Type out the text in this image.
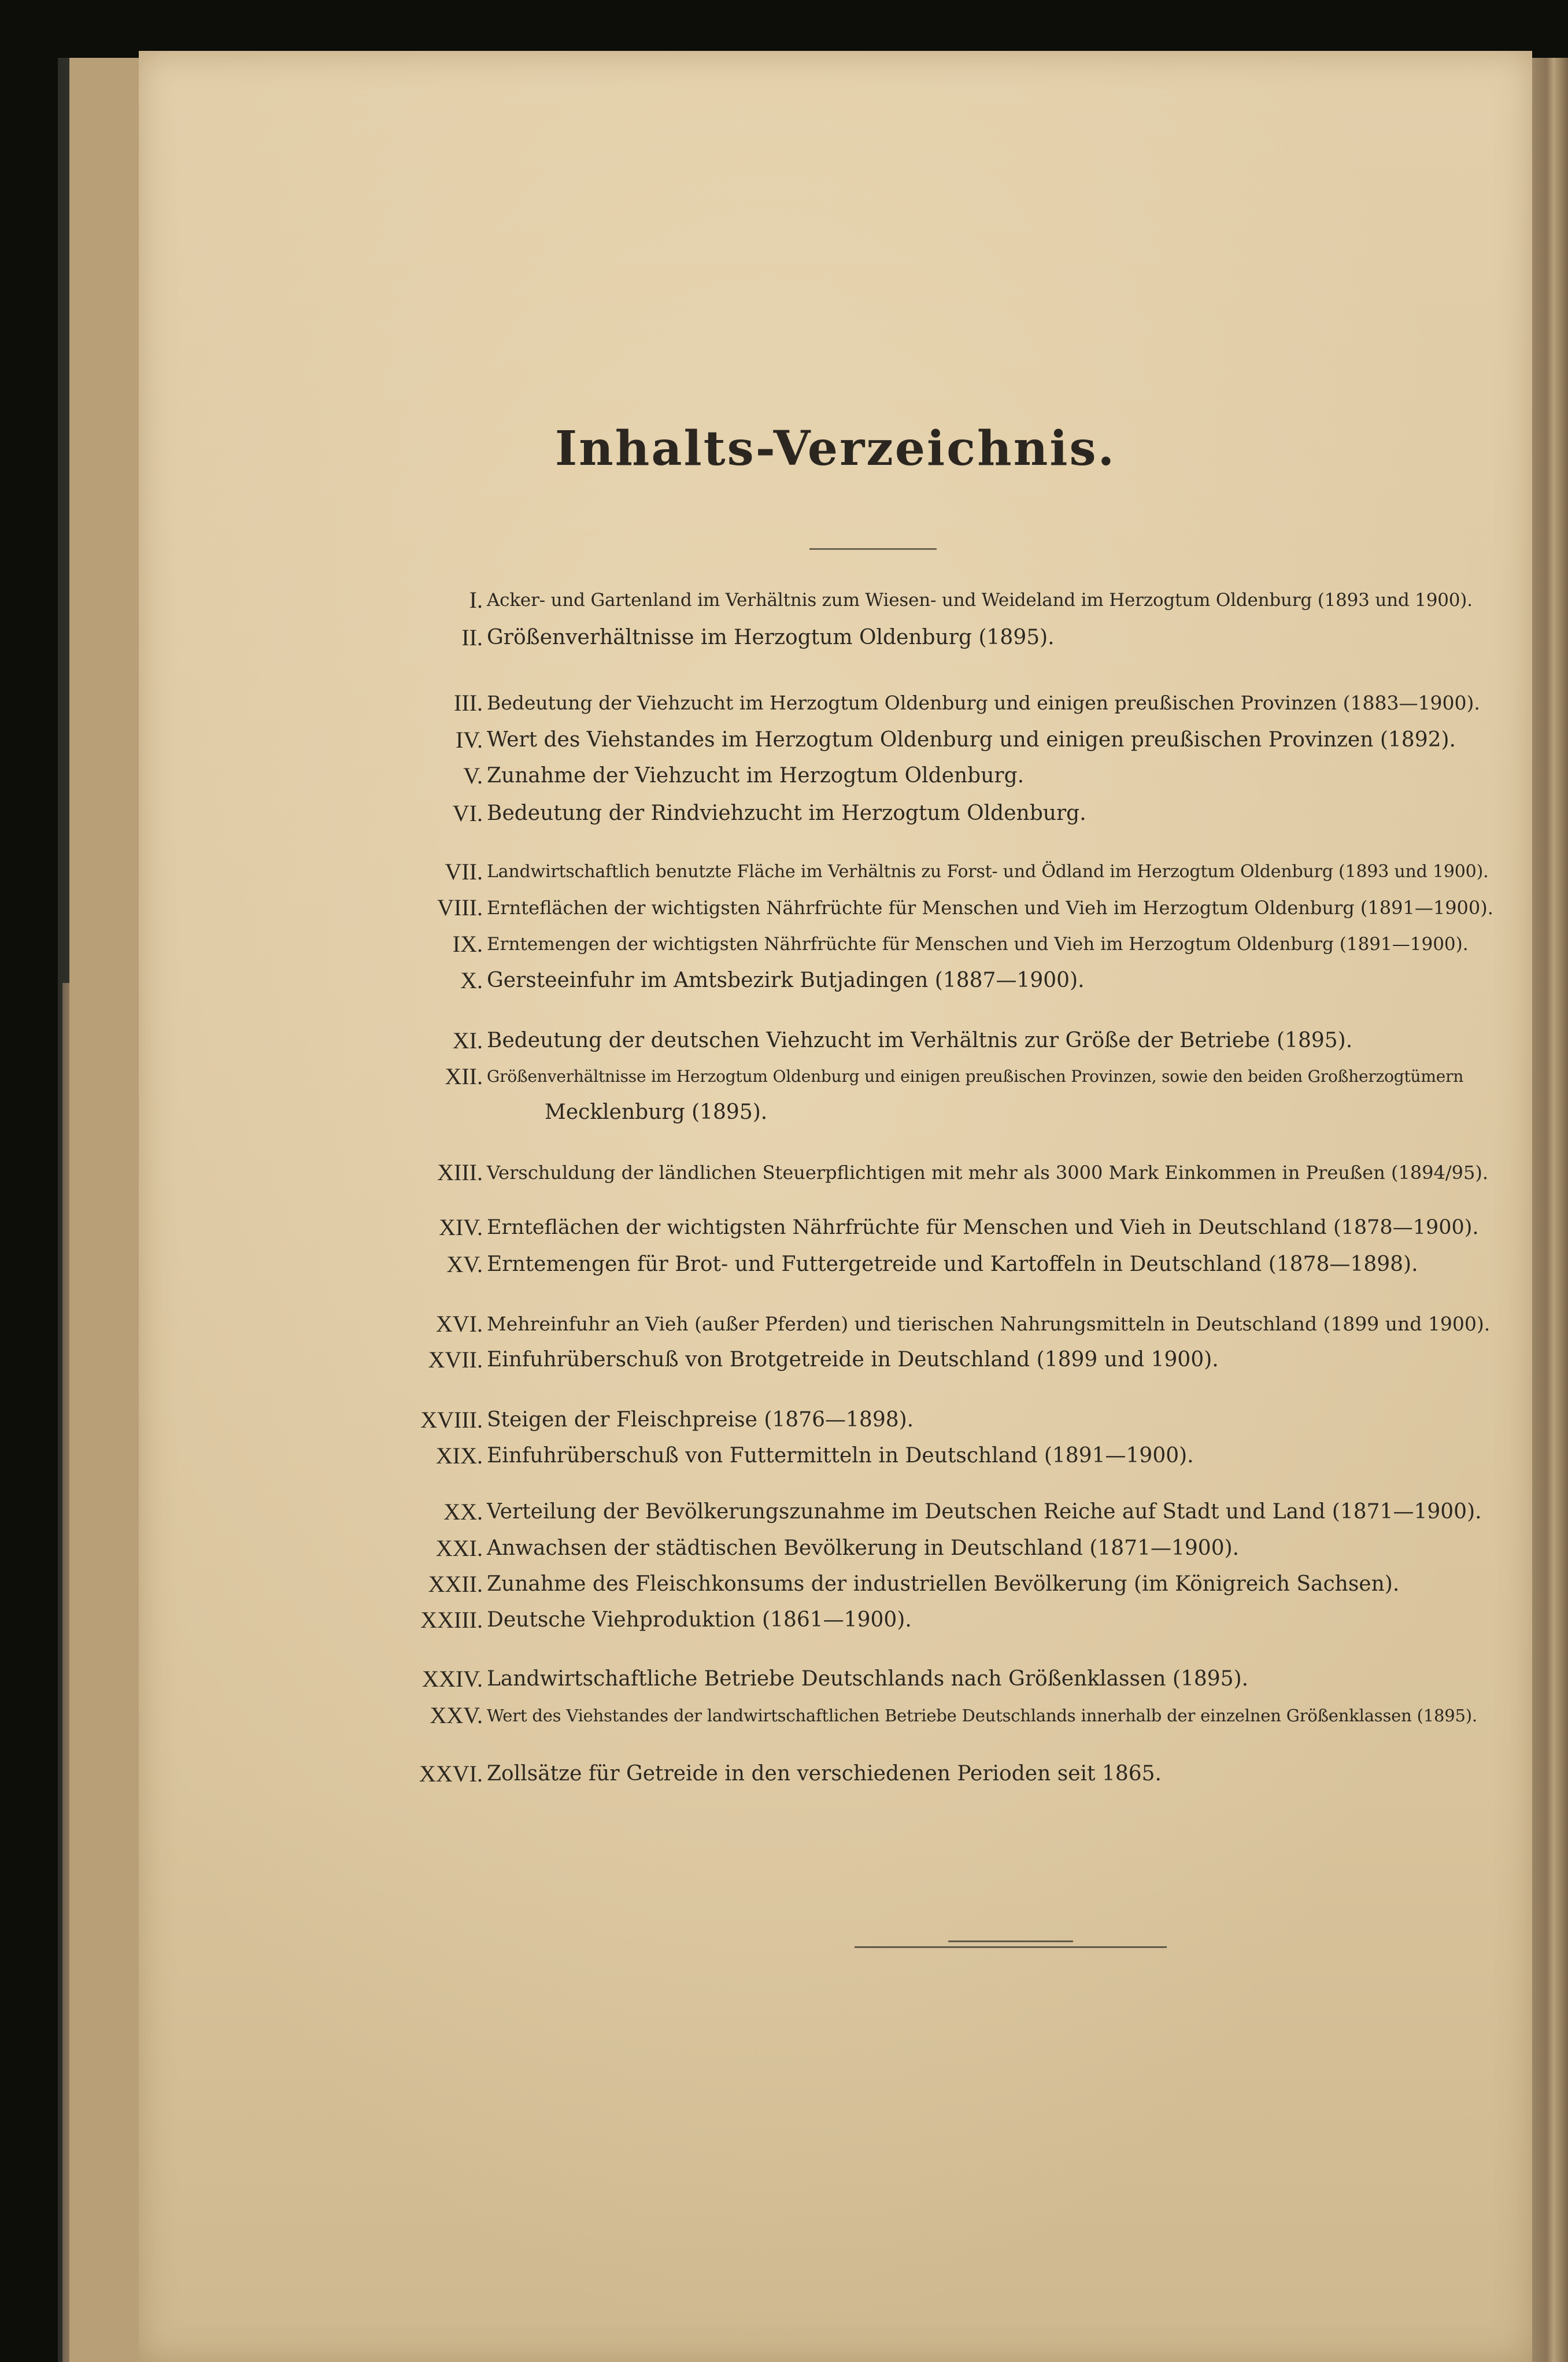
Inhalts-Verzeichnis.
I. Acker- und Gartenland im Verhältnis zum Wiesen- und Weideland im Herzogtum Oldenburg (1893 und 1900).
II. Größenverhältnisse im Herzogtum Oldenburg (1895).
III. Bedeutung der Viehzucht im Herzogtum Oldenburg und einigen preußischen Provinzen (1883—1900).
IV. Wert des Viehstandes im Herzogtum Oldenburg und einigen preußischen Provinzen (1892).
V. Zunahme der Viehzucht im Herzogtum Oldenburg.
VI. Bedeutung der Rindviehzucht im Herzogtum Oldenburg.
VII. Landwirtschaftlich benutzte Fläche im Verhältnis zu Forst- und Ödland im Herzogtum Oldenburg (1893 und 1900).
VIII. Ernteflächen der wichtigsten Nährfrüchte für Menschen und Vieh im Herzogtum Oldenburg (1891—1900).
IX. Erntemengen der wichtigsten Nährfrüchte für Menschen und Vieh im Herzogtum Oldenburg (1891—1900).
X. Gersteeinfuhr im Amtsbezirk Butjadingen (1887—1900).
XI. Bedeutung der deutschen Viehzucht im Verhältnis zur Größe der Betriebe (1895).
XII. Größenverhältnisse im Herzogtum Oldenburg und einigen preußischen Provinzen, sowie den beiden Großherzogtümern
Mecklenburg (1895).
XIII. Verschuldung der ländlichen Steuerpflichtigen mit mehr als 3000 Mark Einkommen in Preußen (1894/95).
XIV. Ernteflächen der wichtigsten Nährfrüchte für Menschen und Vieh in Deutschland (1878—1900).
XV. Erntemengen für Brot- und Futtergetreide und Kartoffeln in Deutschland (1878—1898).
XVI. Mehreinfuhr an Vieh (außer Pferden) und tierischen Nahrungsmitteln in Deutschland (1899 und 1900).
XVII. Einfuhrüberschuß von Brotgetreide in Deutschland (1899 und 1900).
XVIII. Steigen der Fleischpreise (1876—1898).
XIX. Einfuhrüberschuß von Futtermitteln in Deutschland (1891—1900).
XX. Verteilung der Bevölkerungszunahme im Deutschen Reiche auf Stadt und Land (1871—1900).
XXI. Anwachsen der städtischen Bevölkerung in Deutschland (1871—1900).
XXII. Zunahme des Fleischkonsums der industriellen Bevölkerung (im Königreich Sachsen).
XXIII. Deutsche Viehproduktion (1861—1900).
XXIV. Landwirtschaftliche Betriebe Deutschlands nach Größenklassen (1895).
XXV. Wert des Viehstandes der landwirtschaftlichen Betriebe Deutschlands innerhalb der einzelnen Größenklassen (1895).
XXVI. Zollsätze für Getreide in den verschiedenen Perioden seit 1865.
